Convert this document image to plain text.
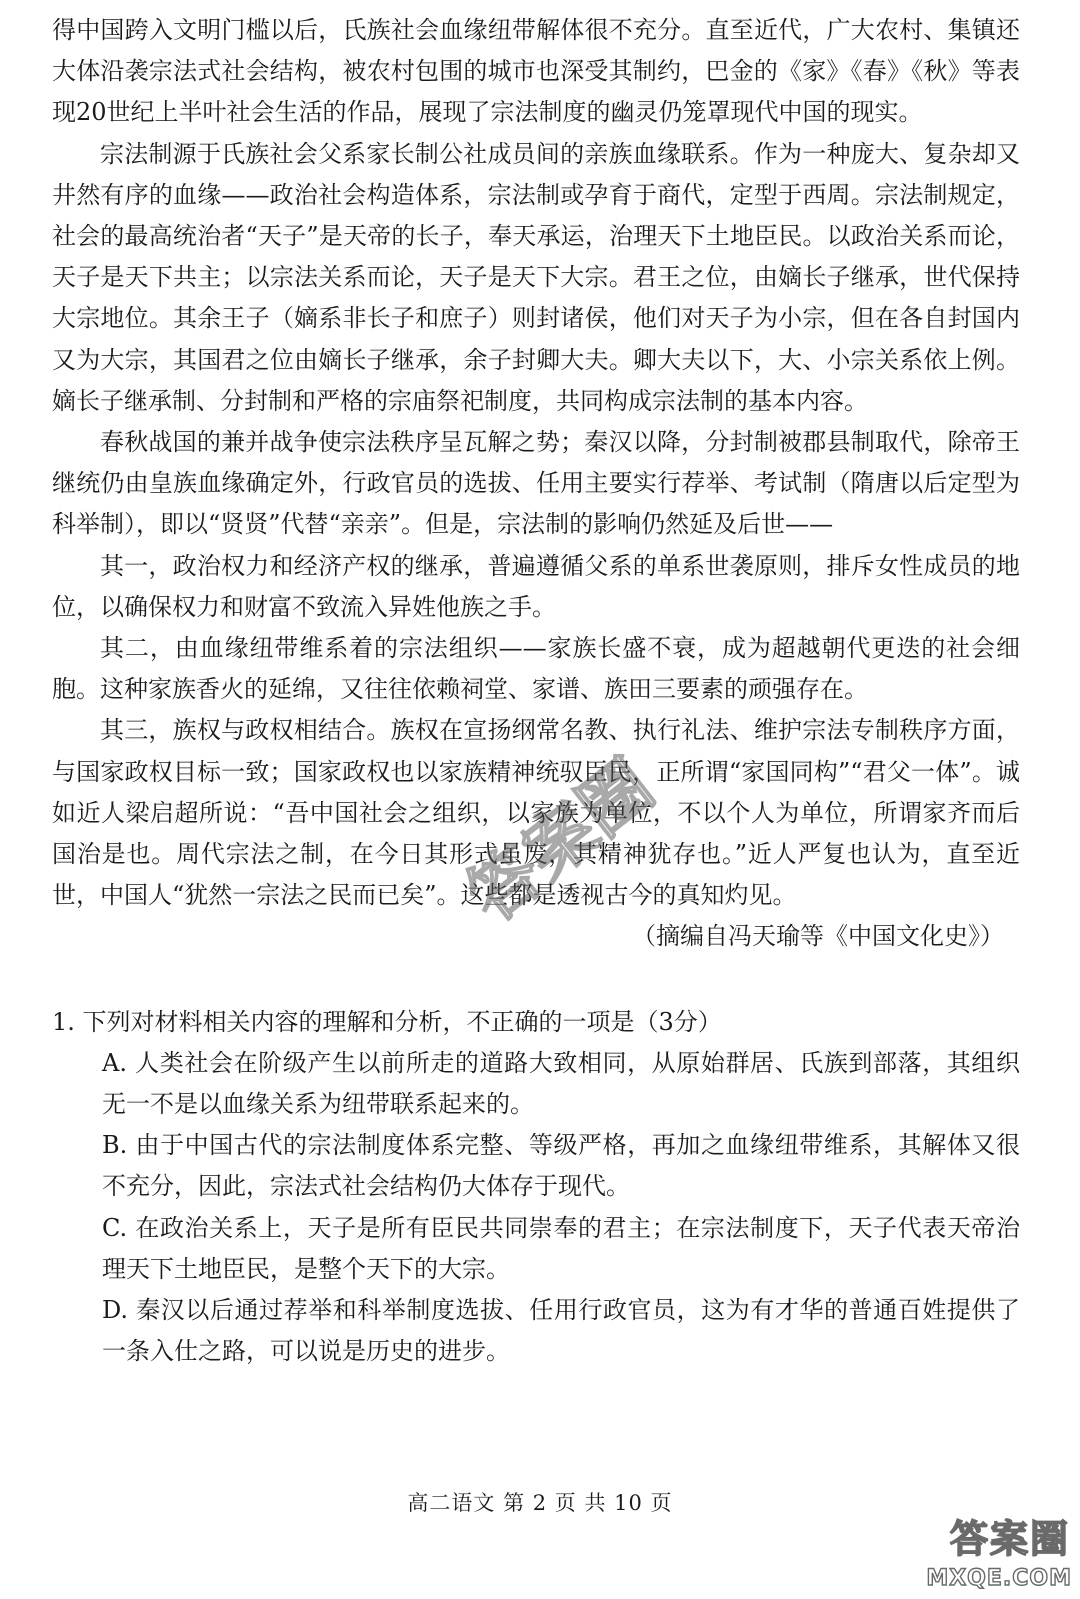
得中国跨入文明门槛以后，氏族社会血缘纽带解体很不充分。直至近代，广大农村、集镇还大体沿袭宗法式社会结构，被农村包围的城市也深受其制约，巴金的《家》《春》《秋》等表现20世纪上半叶社会生活的作品，展现了宗法制度的幽灵仍笼罩现代中国的现实。

宗法制源于氏族社会父系家长制公社成员间的亲族血缘联系。作为一种庞大、复杂却又井然有序的血缘——政治社会构造体系，宗法制或孕育于商代，定型于西周。宗法制规定，社会的最高统治者“天子”是天帝的长子，奉天承运，治理天下土地臣民。以政治关系而论，天子是天下共主；以宗法关系而论，天子是天下大宗。君王之位，由嫡长子继承，世代保持大宗地位。其余王子（嫡系非长子和庶子）则封诸侯，他们对天子为小宗，但在各自封国内又为大宗，其国君之位由嫡长子继承，余子封卿大夫。卿大夫以下，大、小宗关系依上例。嫡长子继承制、分封制和严格的宗庙祭祀制度，共同构成宗法制的基本内容。

春秋战国的兼并战争使宗法秩序呈瓦解之势；秦汉以降，分封制被郡县制取代，除帝王继统仍由皇族血缘确定外，行政官员的选拔、任用主要实行荐举、考试制（隋唐以后定型为科举制），即以“贤贤”代替“亲亲”。但是，宗法制的影响仍然延及后世——

其一，政治权力和经济产权的继承，普遍遵循父系的单系世袭原则，排斥女性成员的地位，以确保权力和财富不致流入异姓他族之手。

其二，由血缘纽带维系着的宗法组织——家族长盛不衰，成为超越朝代更迭的社会细胞。这种家族香火的延绵，又往往依赖祠堂、家谱、族田三要素的顽强存在。

其三，族权与政权相结合。族权在宣扬纲常名教、执行礼法、维护宗法专制秩序方面，与国家政权目标一致；国家政权也以家族精神统驭臣民，正所谓“家国同构”“君父一体”。诚如近人梁启超所说：“吾中国社会之组织，以家族为单位，不以个人为单位，所谓家齐而后国治是也。周代宗法之制，在今日其形式虽废，其精神犹存也。”近人严复也认为，直至近世，中国人“犹然一宗法之民而已矣”。这些都是透视古今的真知灼见。

（摘编自冯天瑜等《中国文化史》）

1. 下列对材料相关内容的理解和分析，不正确的一项是（3分）

A. 人类社会在阶级产生以前所走的道路大致相同，从原始群居、氏族到部落，其组织无一不是以血缘关系为纽带联系起来的。

B. 由于中国古代的宗法制度体系完整、等级严格，再加之血缘纽带维系，其解体又很不充分，因此，宗法式社会结构仍大体存于现代。

C. 在政治关系上，天子是所有臣民共同崇奉的君主；在宗法制度下，天子代表天帝治理天下土地臣民，是整个天下的大宗。

D. 秦汉以后通过荐举和科举制度选拔、任用行政官员，这为有才华的普通百姓提供了一条入仕之路，可以说是历史的进步。

高二语文 第 2 页 共 10 页
答案圈
答案圈
MXQE.COM
